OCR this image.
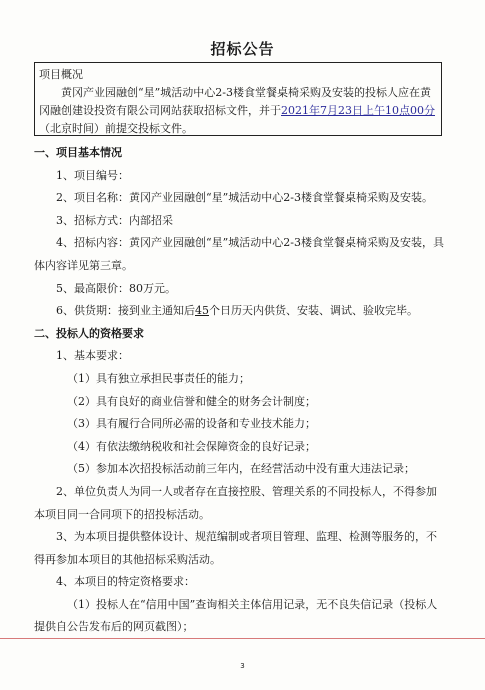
招标公告
项目概况
黄冈产业园融创“星”城活动中心2-3楼食堂餐桌椅采购及安装的投标人应在黄冈融创建设投资有限公司网站获取招标文件，并于2021年7月23日上午10点00分（北京时间）前提交投标文件。

一、项目基本情况

1、项目编号：

2、项目名称：黄冈产业园融创“星”城活动中心2-3楼食堂餐桌椅采购及安装。

3、招标方式：内部招采

4、招标内容：黄冈产业园融创“星”城活动中心2-3楼食堂餐桌椅采购及安装，具体内容详见第三章。

5、最高限价：80万元。

6、供货期：接到业主通知后45个日历天内供货、安装、调试、验收完毕。

二、投标人的资格要求

1、基本要求：

（1）具有独立承担民事责任的能力；

（2）具有良好的商业信誉和健全的财务会计制度；

（3）具有履行合同所必需的设备和专业技术能力；

（4）有依法缴纳税收和社会保障资金的良好记录；

（5）参加本次招投标活动前三年内，在经营活动中没有重大违法记录；

2、单位负责人为同一人或者存在直接控股、管理关系的不同投标人，不得参加本项目同一合同项下的招投标活动。

3、为本项目提供整体设计、规范编制或者项目管理、监理、检测等服务的，不得再参加本项目的其他招标采购活动。

4、本项目的特定资格要求：

（1）投标人在“信用中国”查询相关主体信用记录，无不良失信记录（投标人提供自公告发布后的网页截图）；

3
